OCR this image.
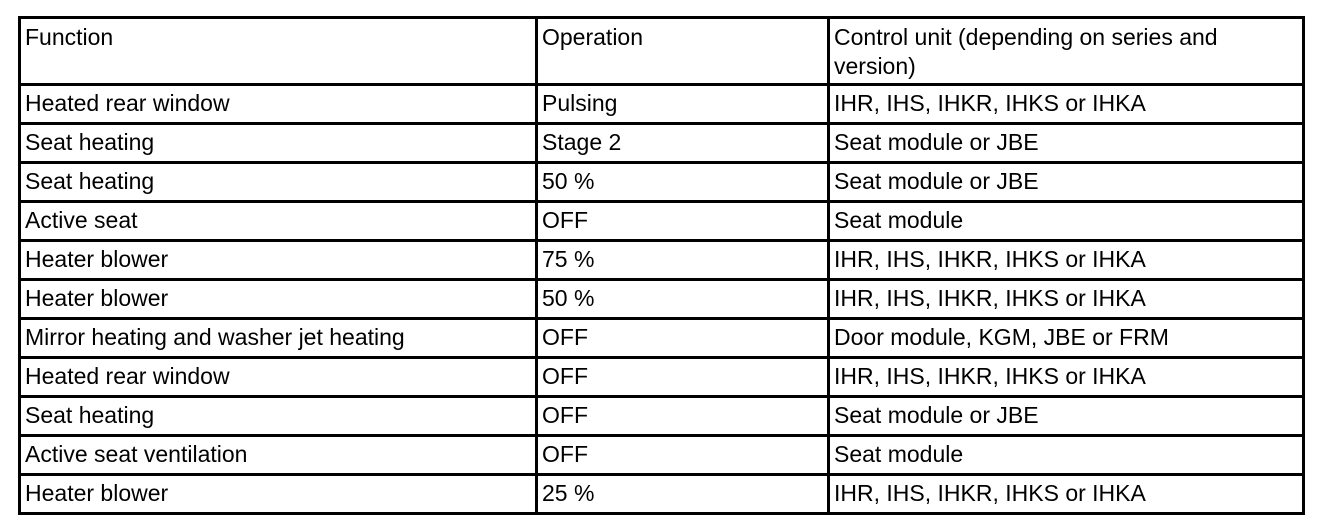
Function	Operation	Control unit (depending on series and version)
Heated rear window	Pulsing	IHR, IHS, IHKR, IHKS or IHKA
Seat heating	Stage 2	Seat module or JBE
Seat heating	50 %	Seat module or JBE
Active seat	OFF	Seat module
Heater blower	75 %	IHR, IHS, IHKR, IHKS or IHKA
Heater blower	50 %	IHR, IHS, IHKR, IHKS or IHKA
Mirror heating and washer jet heating	OFF	Door module, KGM, JBE or FRM
Heated rear window	OFF	IHR, IHS, IHKR, IHKS or IHKA
Seat heating	OFF	Seat module or JBE
Active seat ventilation	OFF	Seat module
Heater blower	25 %	IHR, IHS, IHKR, IHKS or IHKA
